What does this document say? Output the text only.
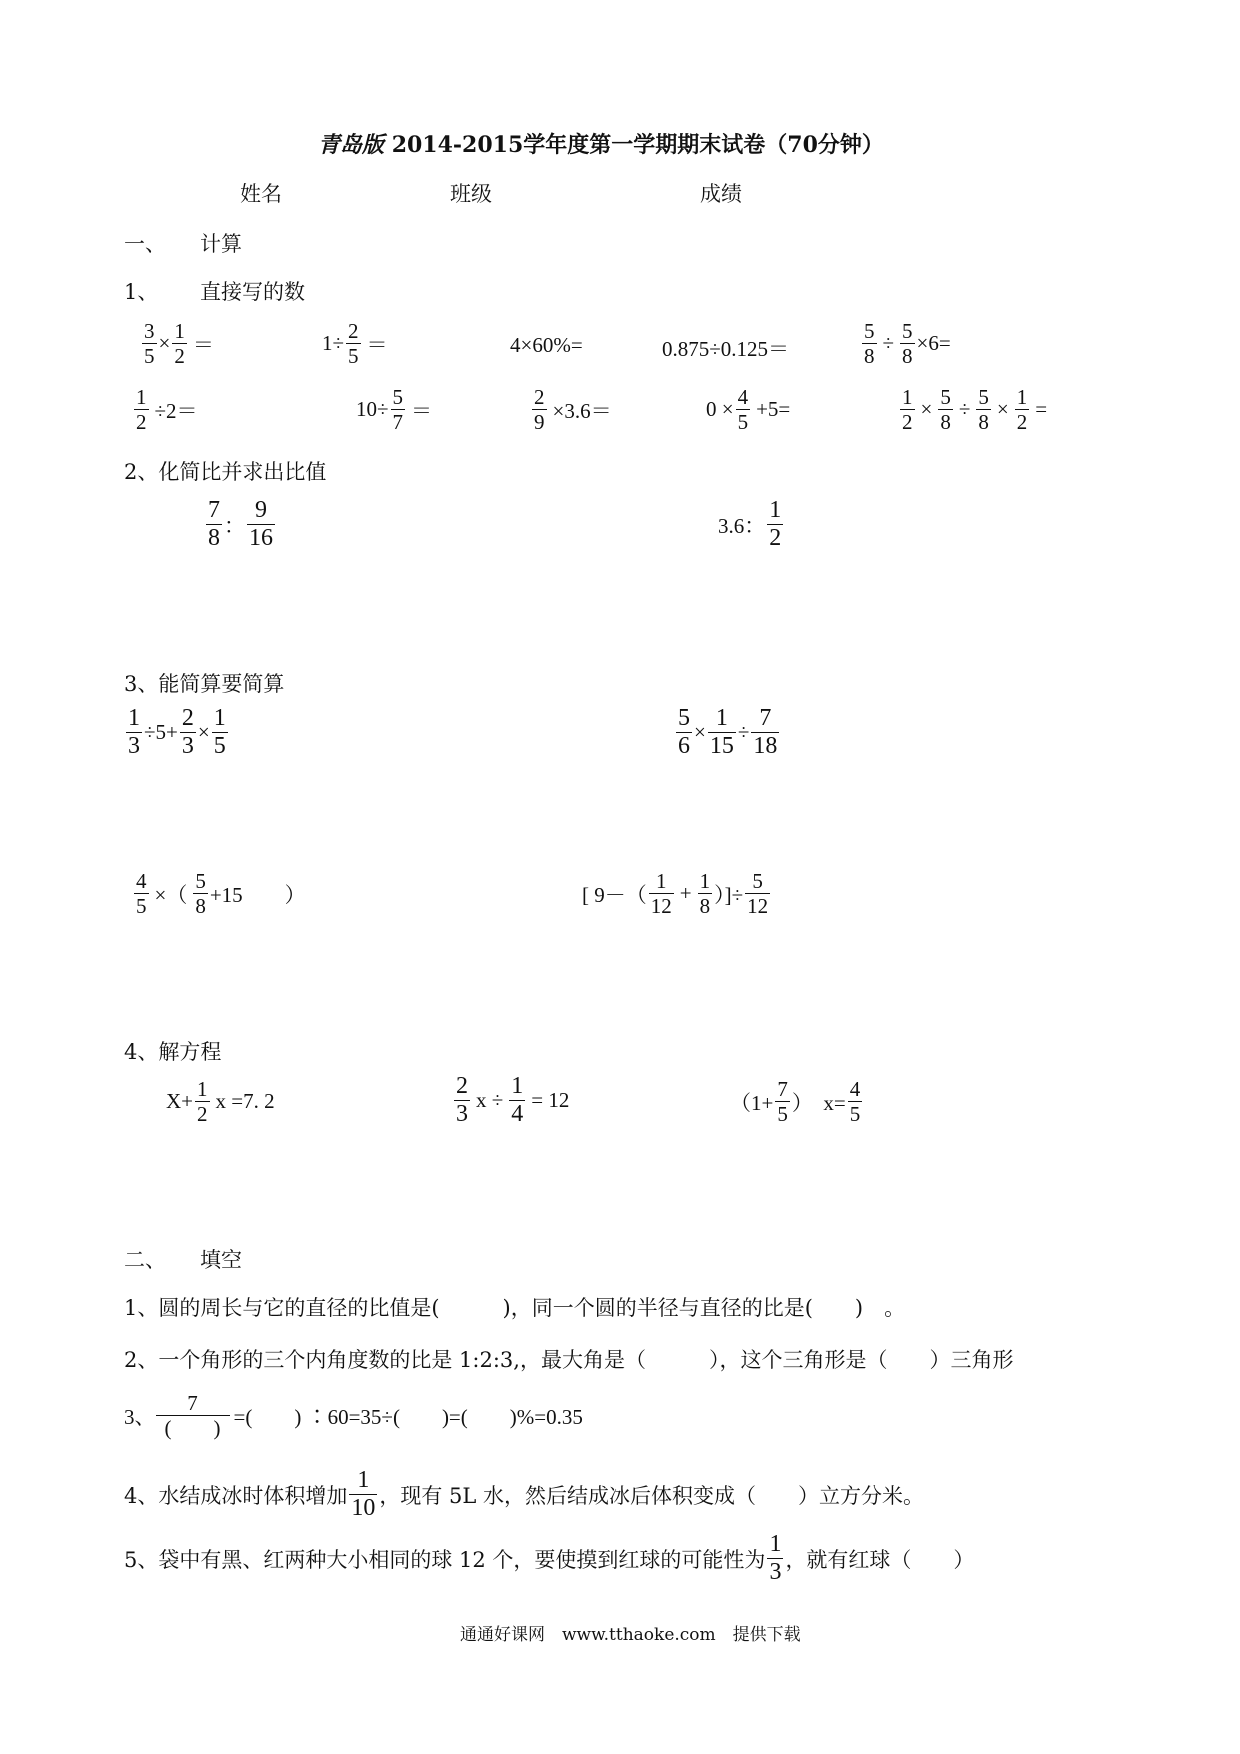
青岛版 2014-2015学年度第一学期期末试卷（70分钟）
姓名	班级	成绩
一、 计算
1、 直接写的数
$\frac{3}{5} \times \frac{1}{2}$ ＝	$1\div \frac{2}{5}$ ＝	4×60%=	0.875÷0.125＝	$\frac{5}{8} \div \frac{5}{8} \times 6=$
$\frac{1}{2} \div 2=$	$10\div \frac{5}{7}$ ＝	$\frac{2}{9} \times 3.6=$	$0 \times \frac{4}{5} +5=$	$\frac{1}{2} \times \frac{5}{8} \div \frac{5}{8} \times \frac{1}{2}$ =
2、化简比并求出比值
$\frac{7}{8}$ ： $\frac{9}{16}$	3.6： $\frac{1}{2}$
3、能简算要简算
$\frac{1}{3} \div 5+ \frac{2}{3} \times \frac{1}{5}$	$\frac{5}{6} \times \frac{1}{15} \div \frac{7}{18}$
$\frac{4}{5}$ ×（ $\frac{5}{8} +15$　　）	[ $9-( \frac{1}{12} + \frac{1}{8}$ ）]÷ $\frac{5}{12}$
4、解方程
$X+ \frac{1}{2}$ x =7. 2	$\frac{2}{3}$ $x \div \frac{1}{4} = 12$	（$1+ \frac{7}{5}$ ）　$x= \frac{4}{5}$
二、 填空
1、圆的周长与它的直径的比值是(　　　)，同一个圆的半径与直径的比是(　　)　。
2、一个角形的三个内角度数的比是 1:2:3,，最大角是（　　　），这个三角形是（　　）三角形
3、 $\frac{7}{( )}$ =(　　) ∶60=35÷(　　)=(　　)%=0.35
4、水结成冰时体积增加 $\frac{1}{10}$ ，现有 5L 水，然后结成冰后体积变成（　　）立方分米。
5、袋中有黑、红两种大小相同的球 12 个，要使摸到红球的可能性为 $\frac{1}{3}$ ，就有红球（　　）
通通好课网　www.tthaoke.com　提供下载
